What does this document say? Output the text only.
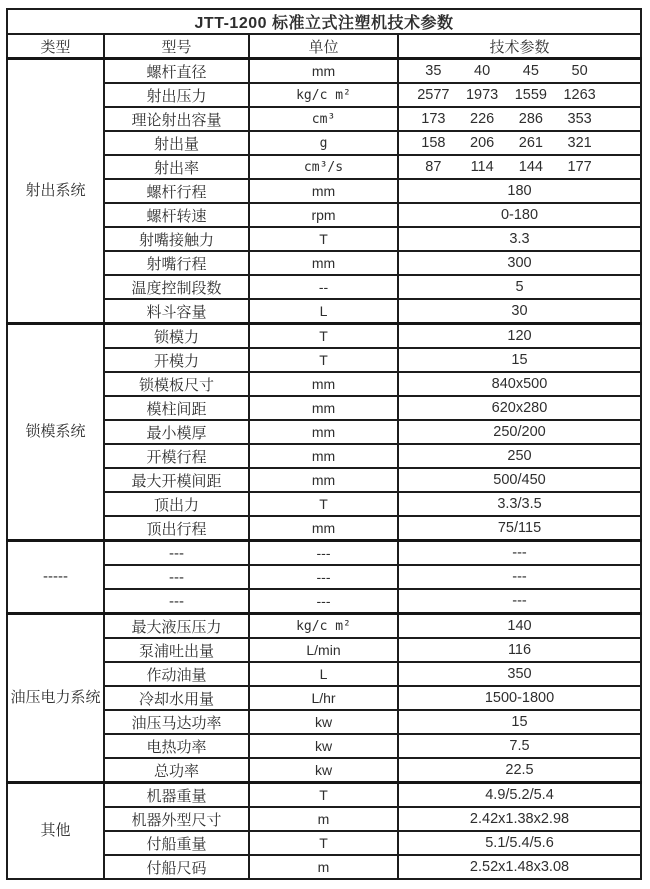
JTT-1200 标准立式注塑机技术参数			
类型	型号	单位	技术参数
射出系统	螺杆直径	mm	35 40 45 50

	射出压力	kg/c m²	2577 1973 1559 1263

	理论射出容量	cm³	173 226 286 353

	射出量	g	158 206 261 321

	射出率	cm³/s	87 114 144 177

	螺杆行程	mm	180
	螺杆转速	rpm	0-180
	射嘴接触力	T	3.3
	射嘴行程	mm	300
	温度控制段数	--	5
	料斗容量	L	30
锁模系统	锁模力	T	120
	开模力	T	15
	锁模板尺寸	mm	840x500
	模柱间距	mm	620x280
	最小模厚	mm	250/200
	开模行程	mm	250
	最大开模间距	mm	500/450
	顶出力	T	3.3/3.5
	顶出行程	mm	75/115
-----	---	---	---
	---	---	---
	---	---	---
油压电力系统	最大液压压力	kg/c m²	140
	泵浦吐出量	L/min	116
	作动油量	L	350
	冷却水用量	L/hr	1500-1800
	油压马达功率	kw	15
	电热功率	kw	7.5
	总功率	kw	22.5
其他	机器重量	T	4.9/5.2/5.4
	机器外型尺寸	m	2.42x1.38x2.98
	付船重量	T	5.1/5.4/5.6
	付船尺码	m	2.52x1.48x3.08
